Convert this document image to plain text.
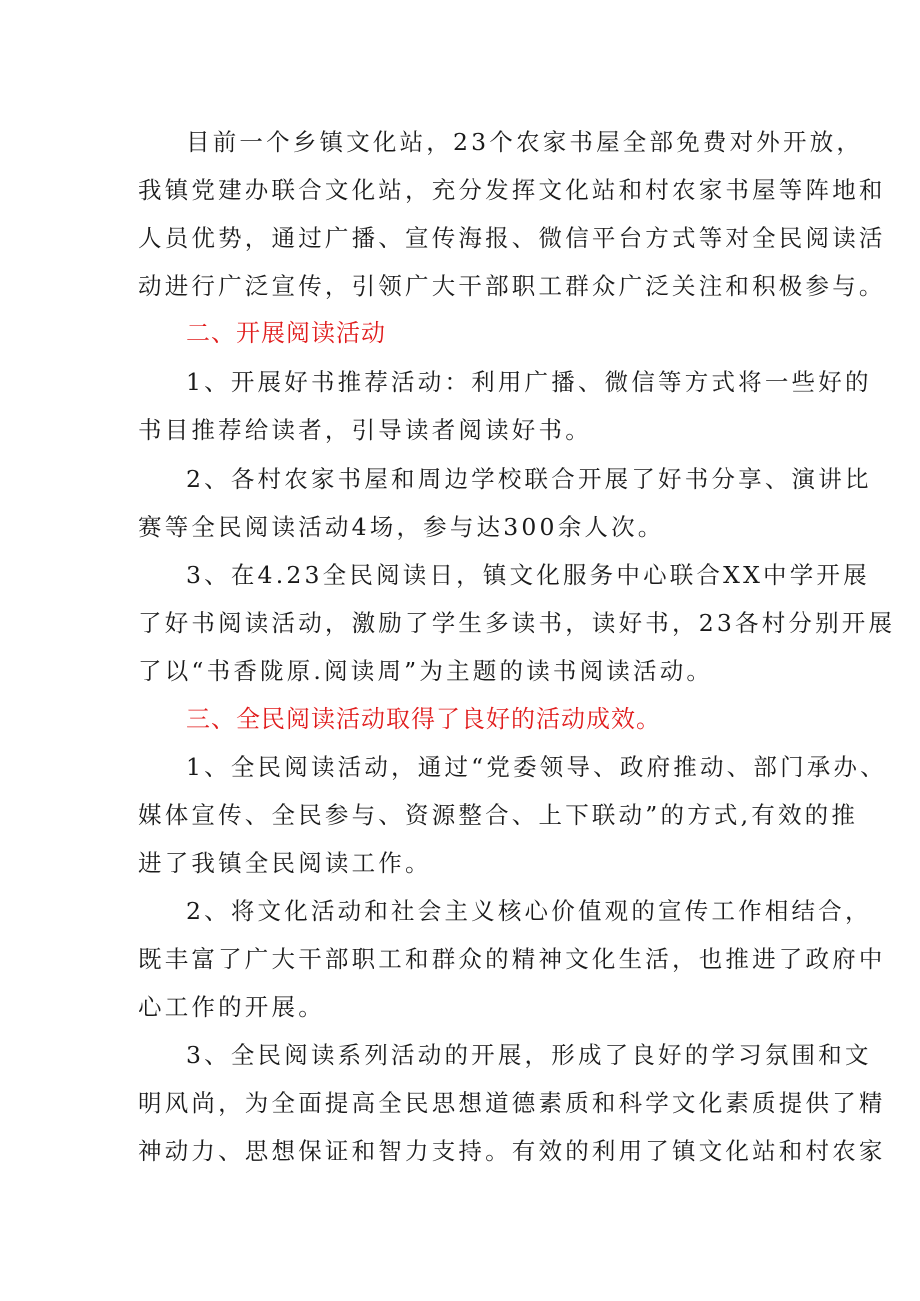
目前一个乡镇文化站，23个农家书屋全部免费对外开放，
我镇党建办联合文化站，充分发挥文化站和村农家书屋等阵地和
人员优势，通过广播、宣传海报、微信平台方式等对全民阅读活
动进行广泛宣传，引领广大干部职工群众广泛关注和积极参与。
二、开展阅读活动
1、开展好书推荐活动：利用广播、微信等方式将一些好的
书目推荐给读者，引导读者阅读好书。
2、各村农家书屋和周边学校联合开展了好书分享、演讲比
赛等全民阅读活动4场，参与达300余人次。
3、在4.23全民阅读日，镇文化服务中心联合XX中学开展
了好书阅读活动，激励了学生多读书，读好书，23各村分别开展
了以“书香陇原.阅读周”为主题的读书阅读活动。
三、全民阅读活动取得了良好的活动成效。
1、全民阅读活动，通过“党委领导、政府推动、部门承办、
媒体宣传、全民参与、资源整合、上下联动”的方式,有效的推
进了我镇全民阅读工作。
2、将文化活动和社会主义核心价值观的宣传工作相结合，
既丰富了广大干部职工和群众的精神文化生活，也推进了政府中
心工作的开展。
3、全民阅读系列活动的开展，形成了良好的学习氛围和文
明风尚，为全面提高全民思想道德素质和科学文化素质提供了精
神动力、思想保证和智力支持。有效的利用了镇文化站和村农家
